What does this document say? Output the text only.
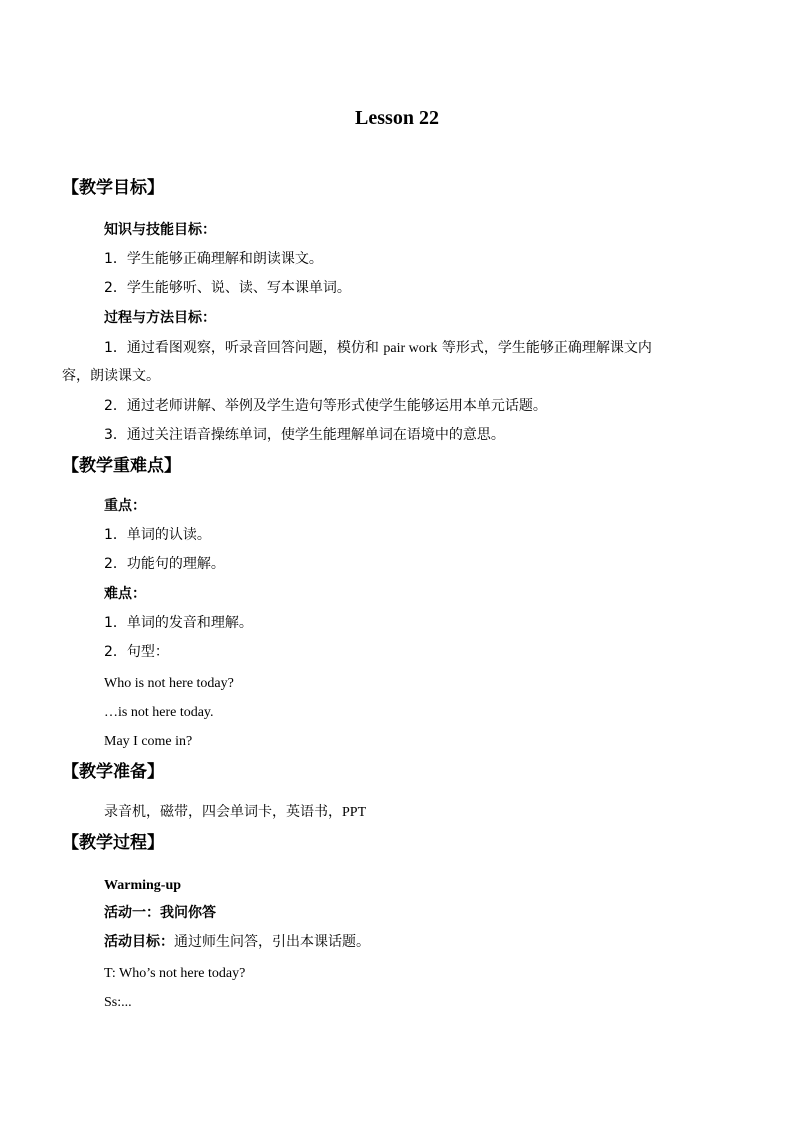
Lesson 22
【教学目标】
知识与技能目标：
1．学生能够正确理解和朗读课文。
2．学生能够听、说、读、写本课单词。
过程与方法目标：
1．通过看图观察，听录音回答问题，模仿和 pair work 等形式，学生能够正确理解课文内
容，朗读课文。
2．通过老师讲解、举例及学生造句等形式使学生能够运用本单元话题。
3．通过关注语音操练单词，使学生能理解单词在语境中的意思。
【教学重难点】
重点：
1．单词的认读。
2．功能句的理解。
难点：
1．单词的发音和理解。
2．句型：
Who is not here today?
…is not here today.
May I come in?
【教学准备】
录音机，磁带，四会单词卡，英语书，PPT
【教学过程】
Warming-up
活动一：我问你答
活动目标：通过师生问答，引出本课话题。
T: Who’s not here today?
Ss:...
